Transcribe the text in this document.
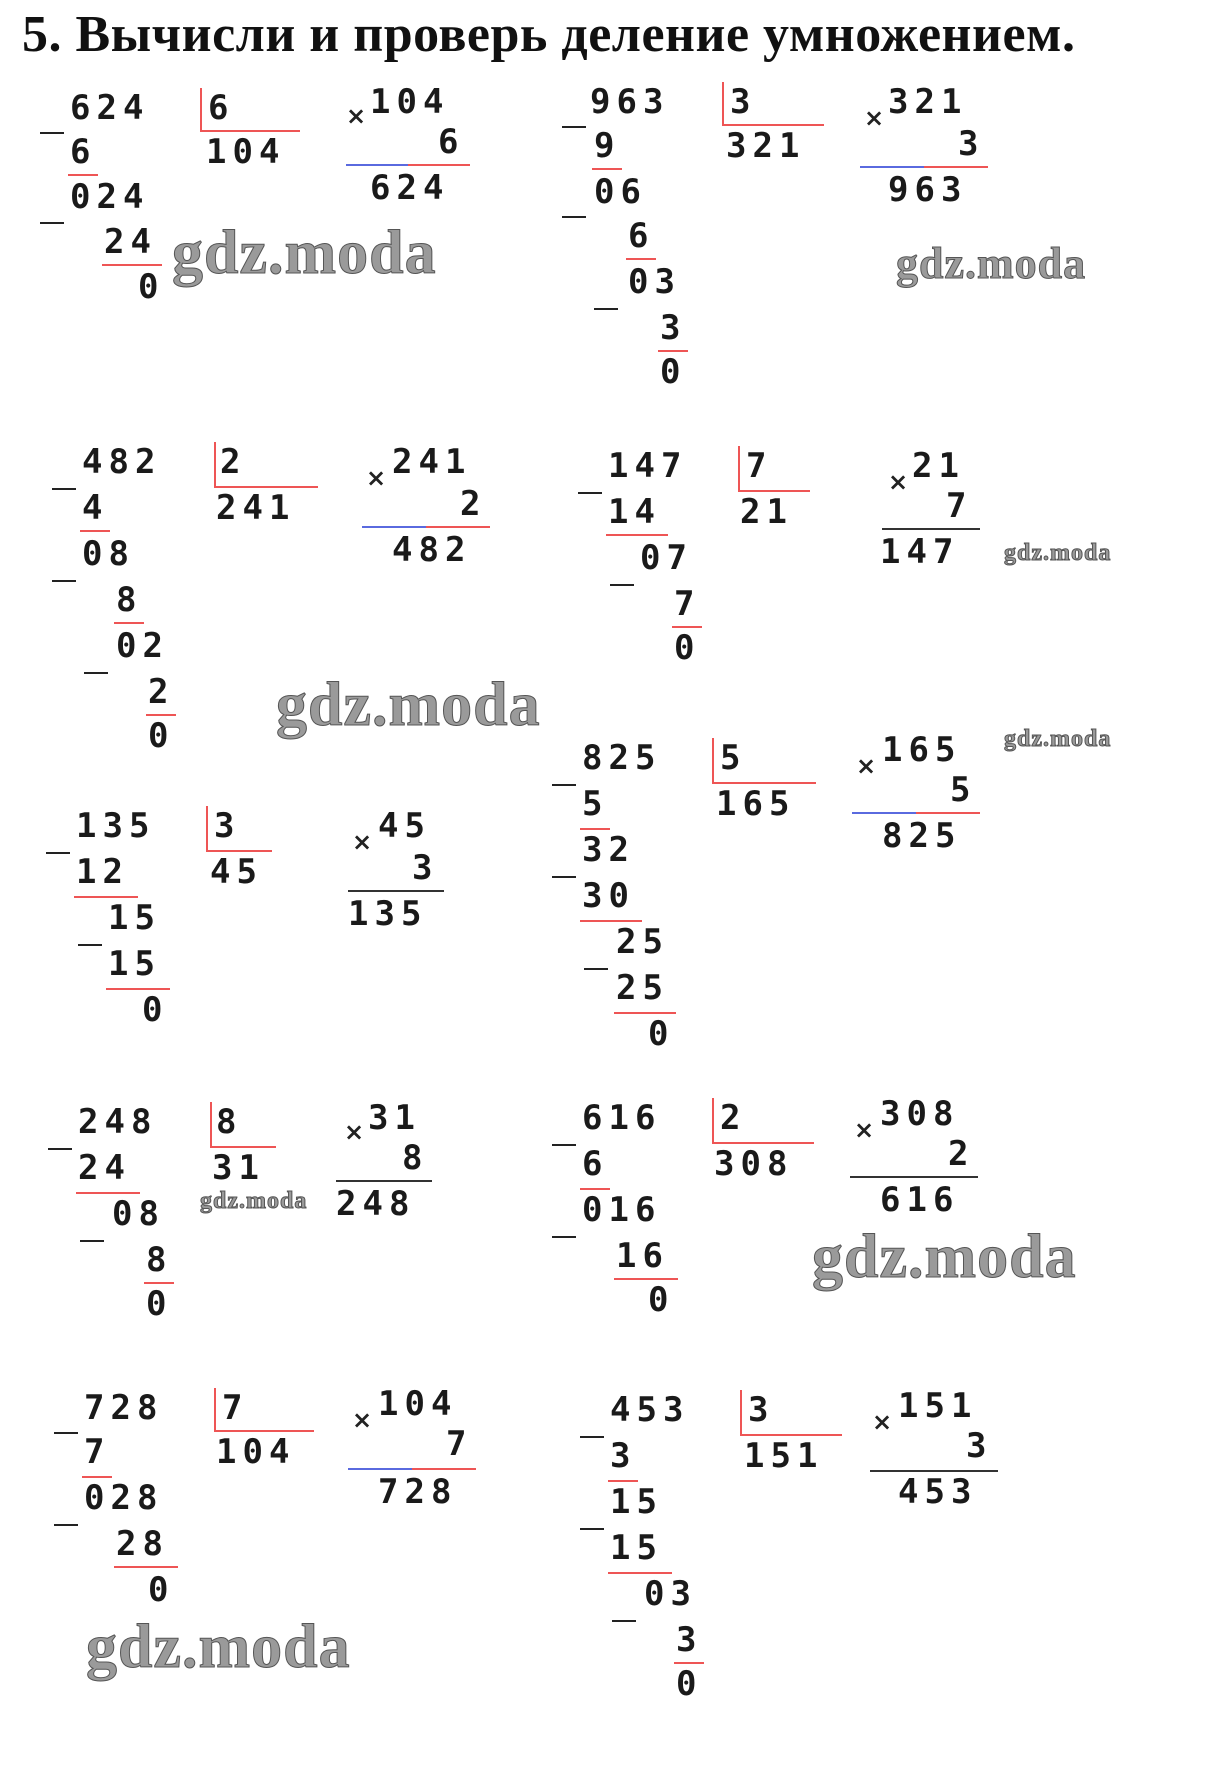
5. Вычисли и проверь деление умножением.
624 6
104
6
024
24
0
× 104
6
624
963 3
321
9
06
6
03
3
0
× 321
3
963
482 2
241
4
08
8
02
2
0
× 241
2
482
147 7
21
14
07
7
0
× 21
7
147
825 5
165
5
32
30
25
25
0
× 165
5
825
135 3
45
12
15
15
0
× 45
3
135
248 8
31
24
08
8
0
× 31
8
248
616 2
308
6
016
16
0
× 308
2
616
728 7
104
7
028
28
0
× 104
7
728
453 3
151
3
15
15
03
3
0
× 151
3
453
gdz.moda	gdz.moda
gdz.moda
gdz.moda	gdz.moda
gdz.moda
gdz.moda
gdz.moda
